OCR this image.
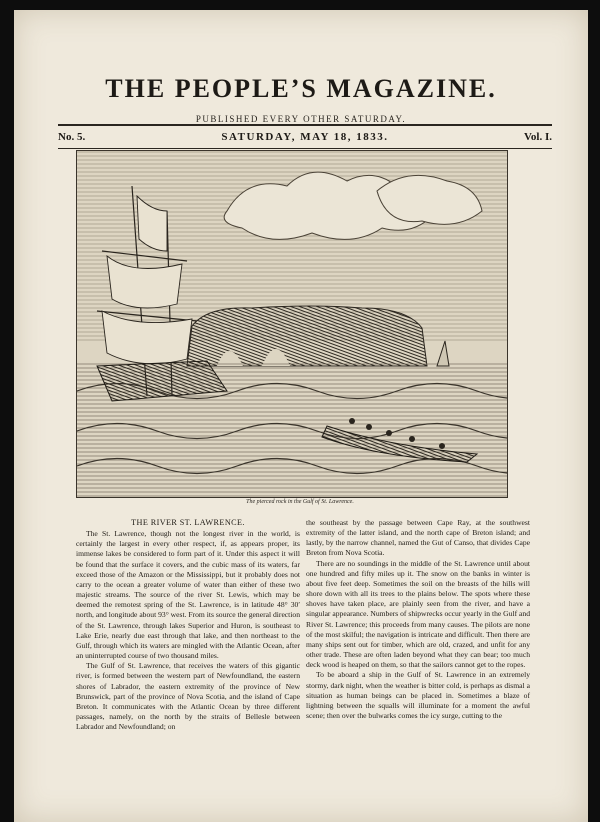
THE PEOPLE’S MAGAZINE.
PUBLISHED EVERY OTHER SATURDAY.
No. 5.	SATURDAY, MAY 18, 1833.	Vol. I.
The pierced rock in the Gulf of St. Lawrence.

THE RIVER ST. LAWRENCE.

The St. Lawrence, though not the longest river in the world, is certainly the largest in every other respect, if, as appears proper, its immense lakes be considered to form part of it. Under this aspect it will be found that the surface it covers, and the cubic mass of its waters, far exceed those of the Amazon or the Mississippi, but it probably does not carry to the ocean a greater volume of water than either of these two majestic streams. The source of the river St. Lewis, which may be deemed the remotest spring of the St. Lawrence, is in latitude 48° 30′ north, and longitude about 93° west. From its source the general direction of the St. Lawrence, through lakes Superior and Huron, is southeast to Lake Erie, nearly due east through that lake, and then northeast to the Gulf, through which its waters are mingled with the Atlantic Ocean, after an uninterrupted course of two thousand miles.

The Gulf of St. Lawrence, that receives the waters of this gigantic river, is formed between the western part of Newfoundland, the eastern shores of Labrador, the eastern extremity of the province of New Brunswick, part of the province of Nova Scotia, and the island of Cape Breton. It communicates with the Atlantic Ocean by three different passages, namely, on the north by the straits of Bellesle between Labrador and Newfoundland; on

the southeast by the passage between Cape Ray, at the southwest extremity of the latter island, and the north cape of Breton island; and lastly, by the narrow channel, named the Gut of Canso, that divides Cape Breton from Nova Scotia.

There are no soundings in the middle of the St. Lawrence until about one hundred and fifty miles up it. The snow on the banks in winter is about five feet deep. Sometimes the soil on the breasts of the hills will shore down with all its trees to the plains below. The spots where these shoves have taken place, are plainly seen from the river, and have a singular appearance. Numbers of shipwrecks occur yearly in the Gulf and River St. Lawrence; this proceeds from many causes. The pilots are none of the most skilful; the navigation is intricate and difficult. Then there are many ships sent out for timber, which are old, crazed, and unfit for any other trade. These are often laden beyond what they can bear; too much deck wood is heaped on them, so that the sailors cannot get to the ropes.

To be aboard a ship in the Gulf of St. Lawrence in an extremely stormy, dark night, when the weather is bitter cold, is perhaps as dismal a situation as human beings can be placed in. Sometimes a blaze of lightning between the squalls will illuminate for a moment the awful scene; then over the bulwarks comes the icy surge, cutting to the
